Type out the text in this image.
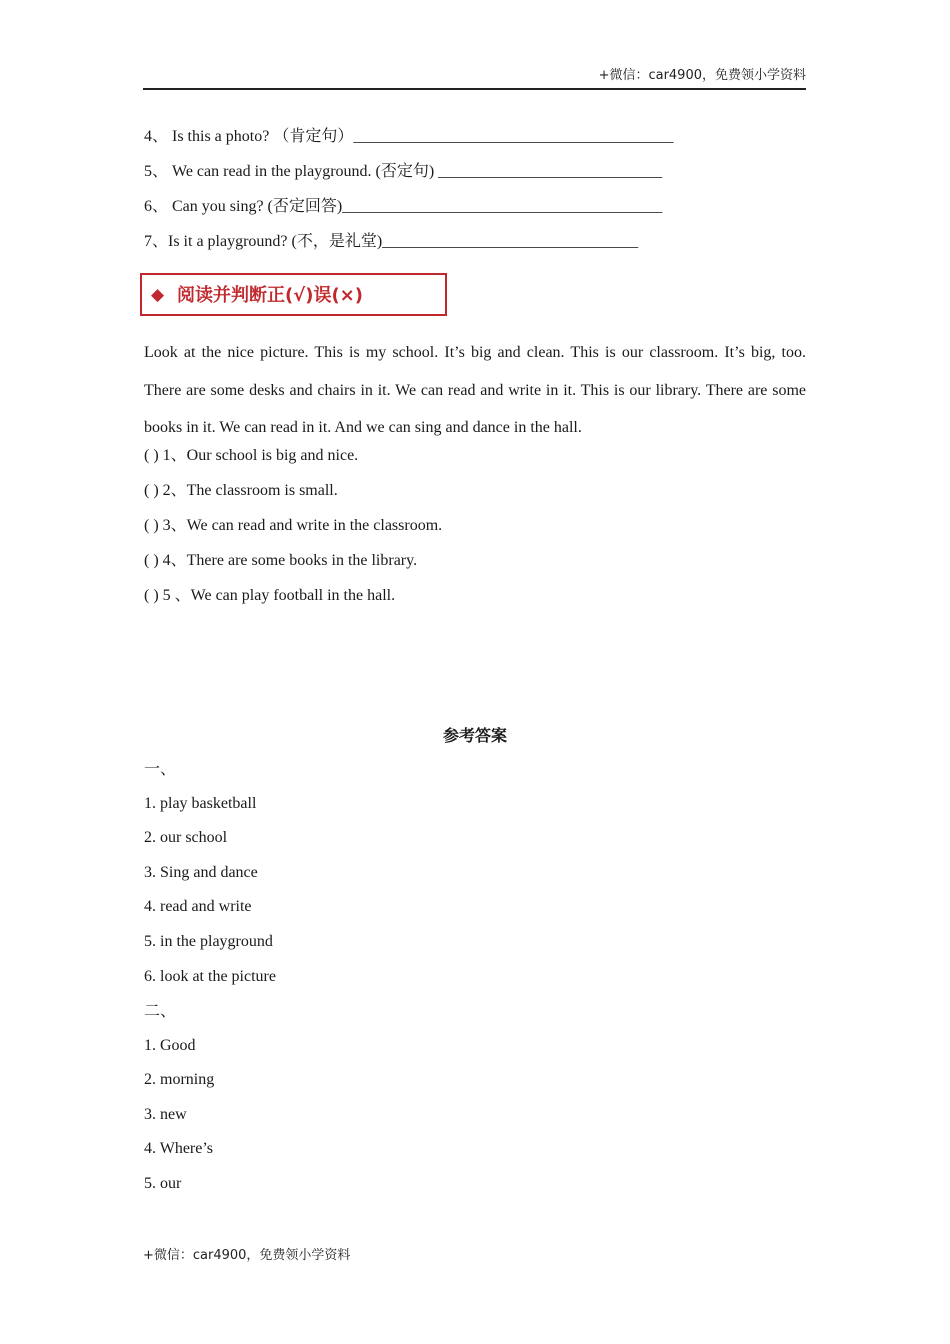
+微信：car4900，免费领小学资料
4、 Is this a photo? （肯定句）________________________________________
5、 We can read in the playground. (否定句) ____________________________
6、 Can you sing? (否定回答)________________________________________
7、Is it a playground? (不，是礼堂)________________________________
◆ 阅读并判断正(√)误(×)
Look at the nice picture. This is my school. It’s big and clean. This is our classroom. It’s big, too. There are some desks and chairs in it. We can read and write in it. This is our library. There are some books in it. We can read in it. And we can sing and dance in the hall.
( ) 1、Our school is big and nice.
( ) 2、The classroom is small.
( ) 3、We can read and write in the classroom.
( ) 4、There are some books in the library.
( ) 5 、We can play football in the hall.
参考答案
一、
1. play basketball
2. our school
3. Sing and dance
4. read and write
5. in the playground
6. look at the picture
二、
1. Good
2. morning
3. new
4. Where’s
5. our
+微信：car4900，免费领小学资料
